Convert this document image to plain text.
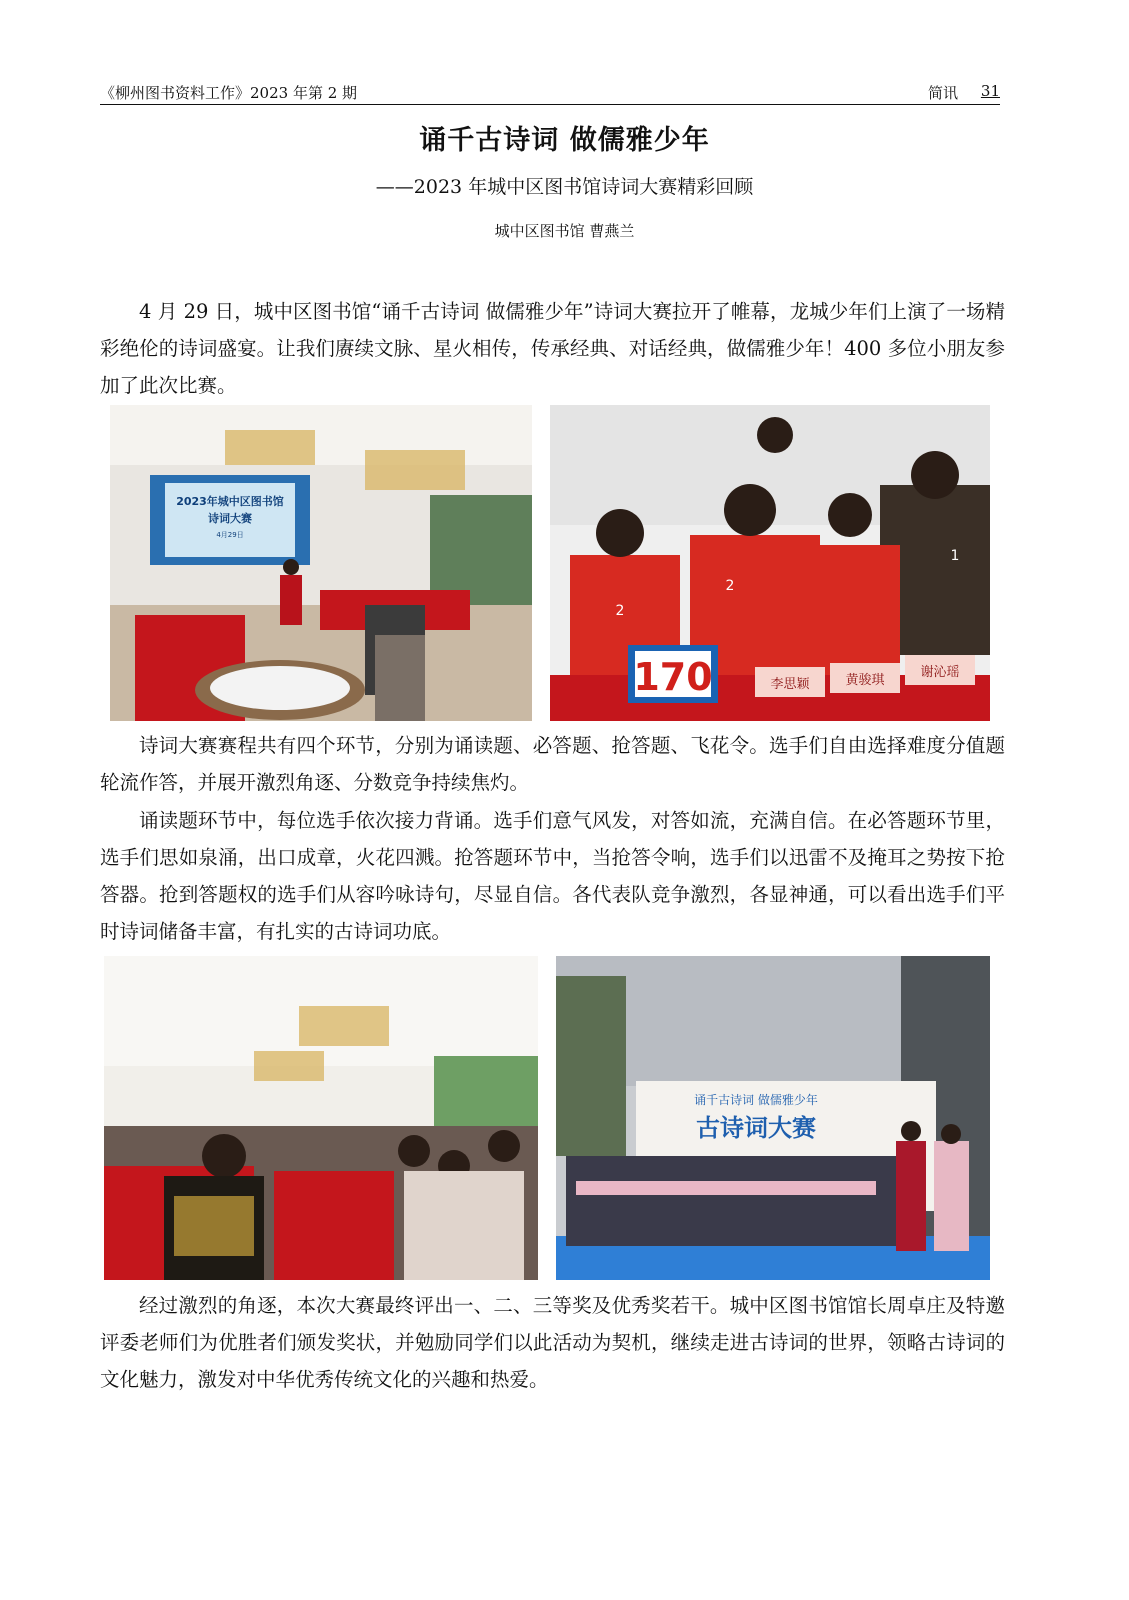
《柳州图书资料工作》2023 年第 2 期	简讯 31
诵千古诗词 做儒雅少年
——2023 年城中区图书馆诗词大赛精彩回顾
城中区图书馆 曹燕兰

4 月 29 日，城中区图书馆“诵千古诗词 做儒雅少年”诗词大赛拉开了帷幕，龙城少年们上演了一场精彩绝伦的诗词盛宴。让我们赓续文脉、星火相传，传承经典、对话经典，做儒雅少年！400 多位小朋友参加了此次比赛。

2023年城中区图书馆
诗词大赛
4月29日
2
2
1
170	李思颖	黄骏琪
谢沁瑶

诗词大赛赛程共有四个环节，分别为诵读题、必答题、抢答题、飞花令。选手们自由选择难度分值题轮流作答，并展开激烈角逐、分数竞争持续焦灼。

诵读题环节中，每位选手依次接力背诵。选手们意气风发，对答如流，充满自信。在必答题环节里，选手们思如泉涌，出口成章，火花四溅。抢答题环节中，当抢答令响，选手们以迅雷不及掩耳之势按下抢答器。抢到答题权的选手们从容吟咏诗句，尽显自信。各代表队竞争激烈，各显神通，可以看出选手们平时诗词储备丰富，有扎实的古诗词功底。

诵千古诗词 做儒雅少年
古诗词大赛

经过激烈的角逐，本次大赛最终评出一、二、三等奖及优秀奖若干。城中区图书馆馆长周卓庄及特邀评委老师们为优胜者们颁发奖状，并勉励同学们以此活动为契机，继续走进古诗词的世界，领略古诗词的文化魅力，激发对中华优秀传统文化的兴趣和热爱。
